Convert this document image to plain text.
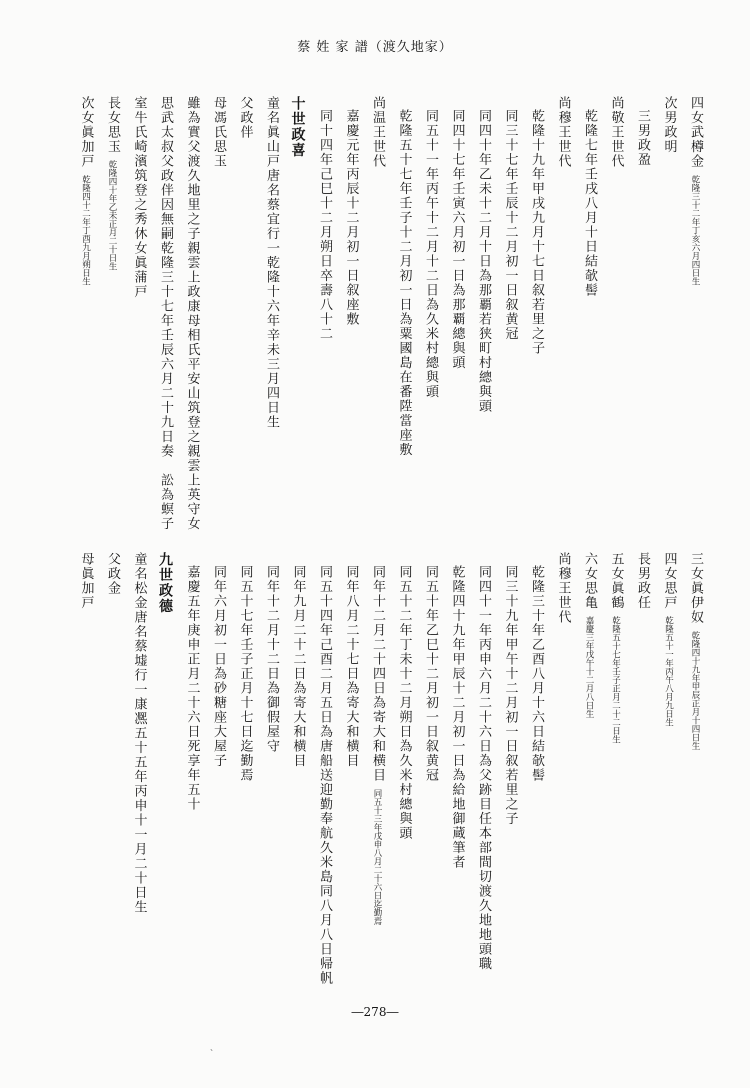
蔡 姓 家 譜（渡久地家）
四女武樽金乾隆三十二年丁亥六月四日生
次男政明
三男政盈
尚敬王世代
乾隆七年壬戌八月十日結欹髻
尚穆王世代
乾隆十九年甲戌九月十七日叙若里之子
同三十七年壬辰十二月初一日叙黄冠
同四十年乙未十二月十日為那覇若狭町村總與頭
同四十七年壬寅六月初一日為那覇總與頭
同五十一年丙午十二月十二日為久米村總與頭
乾隆五十七年壬子十二月初一日為粟國島在番陞當座敷
尚温王世代
嘉慶元年丙辰十二月初一日叙座敷
同十四年己巳十二月朔日卒壽八十二
十世政喜
童名眞山戸唐名蔡宜行一乾隆十六年辛未三月四日生
父政伴
母馮氏思玉
雖為實父渡久地里之子親雲上政康母相氏平安山筑登之親雲上英守女
思武太叔父政伴因無嗣乾隆三十七年壬辰六月二十九日奏　訟為螟子
室牛氏崎濱筑登之秀休女眞蒲戸
長女思玉乾隆四十年乙未正月二十日生
次女眞加戸乾隆四十二年丁酉九月朔日生
三女眞伊奴乾隆四十九年甲辰正月十四日生
四女思戸乾隆五十一年丙午八月九日生
長男政任
五女眞鶴乾隆五十七年壬子正月二十二日生
六女思亀嘉慶三年戊午十二月八日生
尚穆王世代
乾隆三十年乙酉八月十六日結欹髻
同三十九年甲午十二月初一日叙若里之子
同四十一年丙申六月二十六日為父跡目任本部間切渡久地地頭職
乾隆四十九年甲辰十二月初一日為給地御蔵筆者
同五十年乙巳十二月初一日叙黄冠
同五十二年丁未十二月朔日為久米村總與頭
同年十二月二十四日為寄大和横目同五十三年戊申八月二十六日迄勤焉
同年八月二十七日為寄大和横目
同五十四年己酉二月五日為唐船送迎勤奉航久米島同八月八日帰帆
同年九月二十二日為寄大和横目
同年十二月十二日為御假屋守
同五十七年壬子正月十七日迄勤焉
同年六月初一日為砂糖座大屋子
嘉慶五年庚申正月二十六日死享年五十
九世政德
童名松金唐名蔡墟行一康凞五十五年丙申十一月二十日生
父政金
母眞加戸
―278―
、
